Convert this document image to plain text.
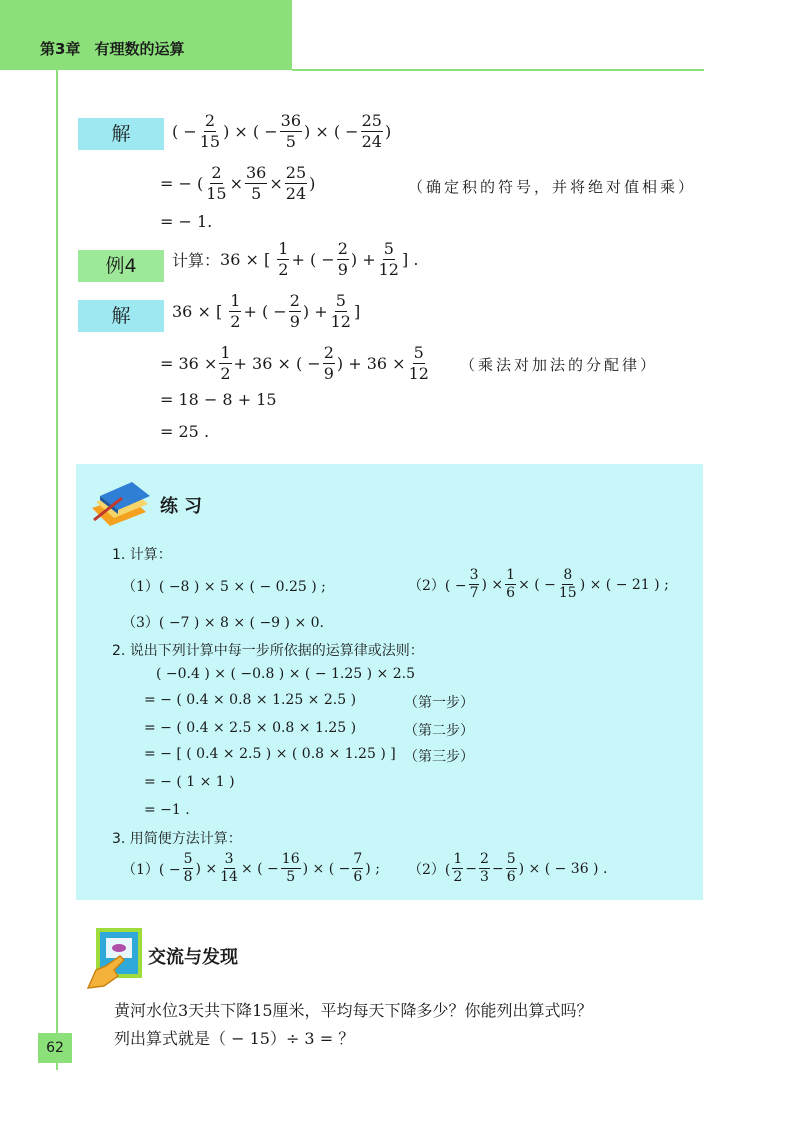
第3章 有理数的运算
解	( −
2
15
) × ( −
36
5
) × ( −
25
24
)
= − (
2
15
×
36
5
×
25
24
)	（确定积的符号，并将绝对值相乘）
= − 1.
例4	计算： 36 × [
1
2
+ ( −
2
9
) +
5
12
] .
解	36 × [
1
2
+ ( −
2
9
) +
5
12
]
= 36 ×
1
2
+ 36 × ( −
2
9
) + 36 ×
5
12 （乘法对加法的分配律）
= 18 − 8 + 15
= 25 .
练习
1. 计算：
（1）( −8 ) × 5 × ( − 0.25 ) ;	（2）( −
3
7
) ×
1
6
× ( −
8
15
) × ( − 21 ) ;
（3）( −7 ) × 8 × ( −9 ) × 0.
2. 说出下列计算中每一步所依据的运算律或法则：
( −0.4 ) × ( −0.8 ) × ( − 1.25 ) × 2.5
= − ( 0.4 × 0.8 × 1.25 × 2.5 )	（第一步）
= − ( 0.4 × 2.5 × 0.8 × 1.25 )	（第二步）
= − [ ( 0.4 × 2.5 ) × ( 0.8 × 1.25 ) ] （第三步）
= − ( 1 × 1 )
= −1 .
3. 用简便方法计算：
（1）( −
5
8
) ×
3
14
× ( −
16
5
) × ( −
7
6
) ; （2）(
1
2
−
2
3
−
5
6
) × ( − 36 ) .
交流与发现
黄河水位3天共下降15厘米，平均每天下降多少？你能列出算式吗？
列出算式就是（ − 15）÷ 3 = ？
62
